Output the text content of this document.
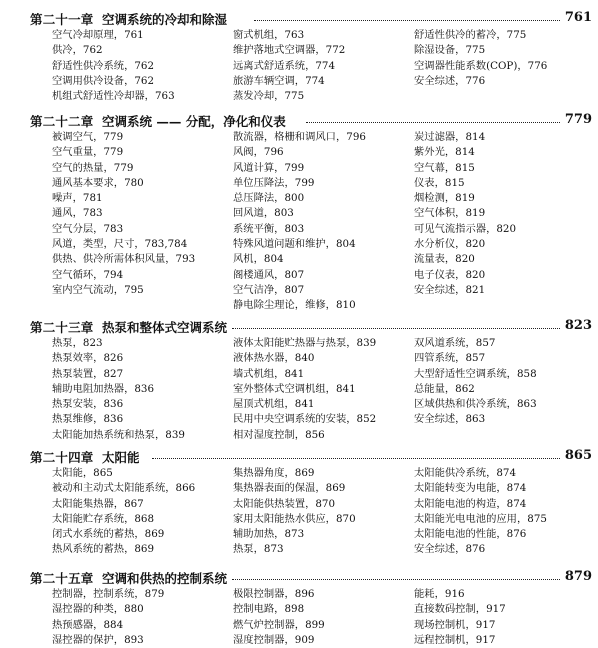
第二十一章 空调系统的冷却和除湿	761
空气冷却原理，761
供冷，762
舒适性供冷系统，762
空调用供冷设备，762
机组式舒适性冷却器，763
窗式机组，763
维护落地式空调器，772
远离式舒适系统，774
旅游车辆空调，774
蒸发冷却，775
舒适性供冷的蓄冷，775
除湿设备，775
空调器性能系数(COP)，776
安全综述，776
第二十二章 空调系统 —— 分配，净化和仪表	779
被调空气，779
空气重量，779
空气的热量，779
通风基本要求，780
噪声，781
通风，783
空气分层，783
风道，类型，尺寸，783,784
供热、供冷所需体积风量，793
空气循环，794
室内空气流动，795
散流器，格栅和调风口，796
风阀，796
风道计算，799
单位压降法，799
总压降法，800
回风道，803
系统平衡，803
特殊风道问题和维护，804
风机，804
阁楼通风，807
空气洁净，807
静电除尘理论，维修，810
炭过滤器，814
紫外光，814
空气幕，815
仪表，815
烟检测，819
空气体积，819
可见气流指示器，820
水分析仪，820
流量表，820
电子仪表，820
安全综述，821
第二十三章 热泵和整体式空调系统	823
热泵，823
热泵效率，826
热泵装置，827
辅助电阻加热器，836
热泵安装，836
热泵维修，836
太阳能加热系统和热泵，839
液体太阳能贮热器与热泵，839
液体热水器，840
墙式机组，841
室外整体式空调机组，841
屋顶式机组，841
民用中央空调系统的安装，852
相对湿度控制，856
双风道系统，857
四管系统，857
大型舒适性空调系统，858
总能量，862
区域供热和供冷系统，863
安全综述，863
第二十四章 太阳能	865
太阳能，865
被动和主动式太阳能系统，866
太阳能集热器，867
太阳能贮存系统，868
闭式水系统的蓄热，869
热风系统的蓄热，869
集热器角度，869
集热器表面的保温，869
太阳能供热装置，870
家用太阳能热水供应，870
辅助加热，873
热泵，873
太阳能供冷系统，874
太阳能转变为电能，874
太阳能电池的构造，874
太阳能光电电池的应用，875
太阳能电池的性能，876
安全综述，876
第二十五章 空调和供热的控制系统	879
控制器，控制系统，879
湿控器的种类，880
热预感器，884
湿控器的保护，893
极限控制器，896
控制电路，898
燃气炉控制器，899
湿度控制器，909
能耗，916
直接数码控制，917
现场控制机，917
远程控制机，917
